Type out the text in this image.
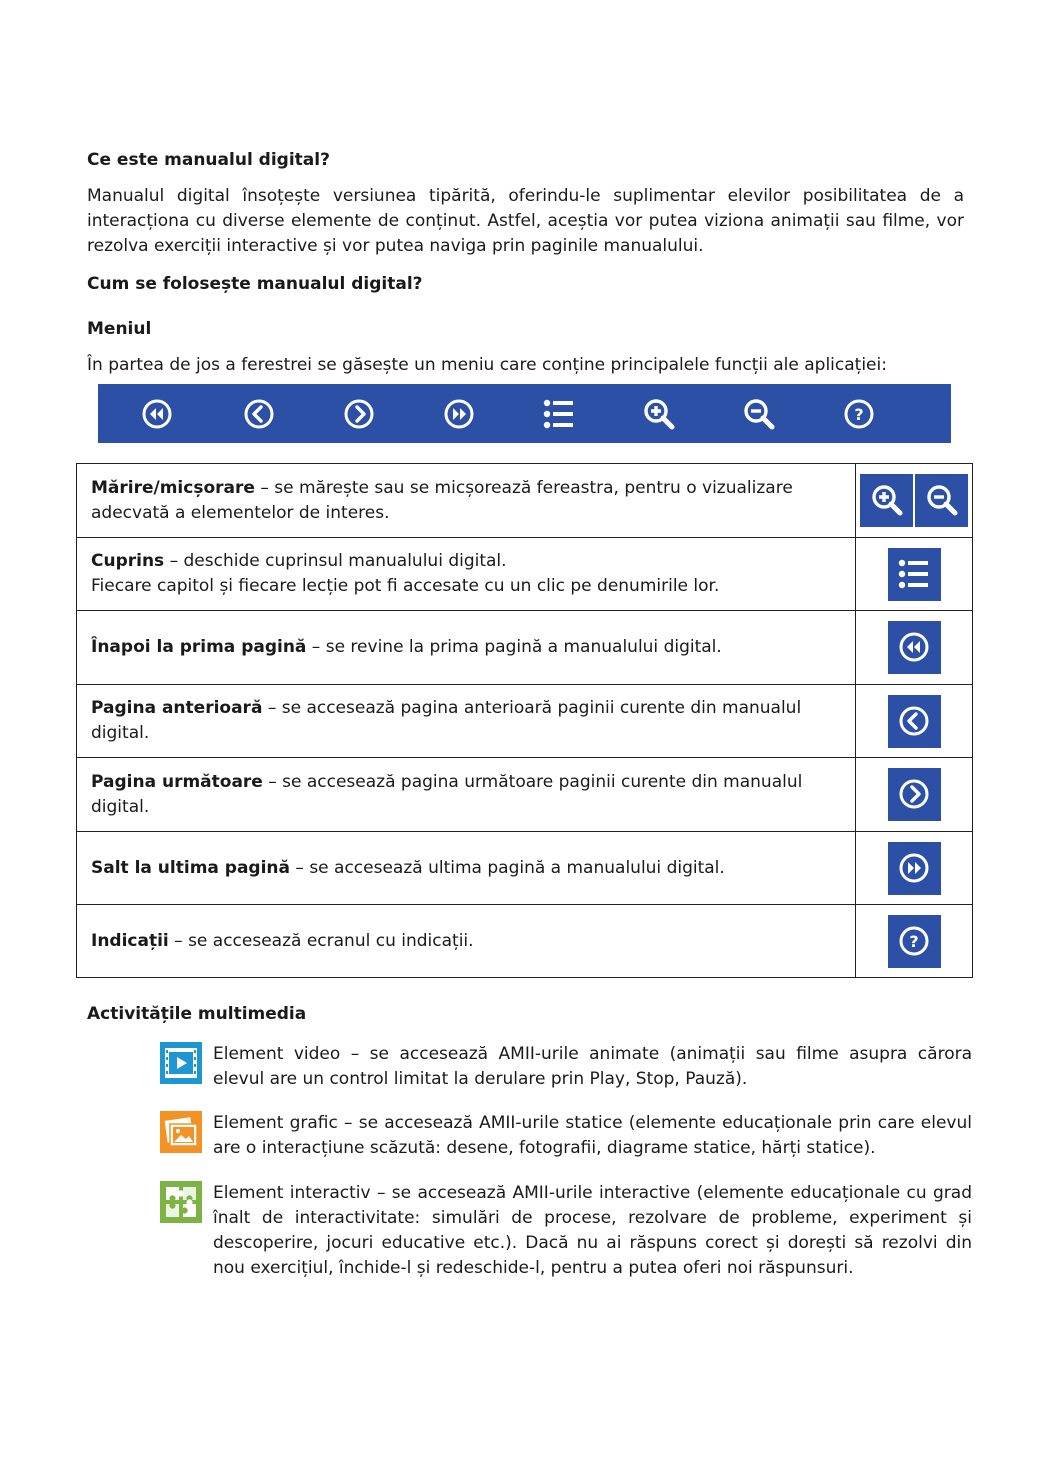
Ce este manualul digital?
Manualul digital însoțește versiunea tipărită, oferindu-le suplimentar elevilor posibilitatea de a interacționa cu diverse elemente de conținut. Astfel, aceștia vor putea viziona animații sau filme, vor rezolva exerciții interactive și vor putea naviga prin paginile manualului.
Cum se folosește manualul digital?
Meniul
În partea de jos a ferestrei se găsește un meniu care conține principalele funcții ale aplicației:
?
Mărire/micșorare – se mărește sau se micșorează fereastra, pentru o vizualizare adecvată a elementelor de interes.	

Cuprins – deschide cuprinsul manualului digital.
Fiecare capitol și fiecare lecție pot fi accesate cu un clic pe denumirile lor.	

Înapoi la prima pagină – se revine la prima pagină a manualului digital.	

Pagina anterioară – se accesează pagina anterioară paginii curente din manualul digital.	

Pagina următoare – se accesează pagina următoare paginii curente din manualul digital.	

Salt la ultima pagină – se accesează ultima pagină a manualului digital.	

Indicații – se accesează ecranul cu indicații.	?
Activitățile multimedia
Element video – se accesează AMII-urile animate (animații sau filme asupra cărora elevul are un control limitat la derulare prin Play, Stop, Pauză).
Element grafic – se accesează AMII-urile statice (elemente educaționale prin care elevul are o interacțiune scăzută: desene, fotografii, diagrame statice, hărți statice).
Element interactiv – se accesează AMII-urile interactive (elemente educaționale cu grad înalt de interactivitate: simulări de procese, rezolvare de probleme, experiment și descoperire, jocuri educative etc.). Dacă nu ai răspuns corect și dorești să rezolvi din nou exercițiul, închide-l și redeschide-l, pentru a putea oferi noi răspunsuri.
